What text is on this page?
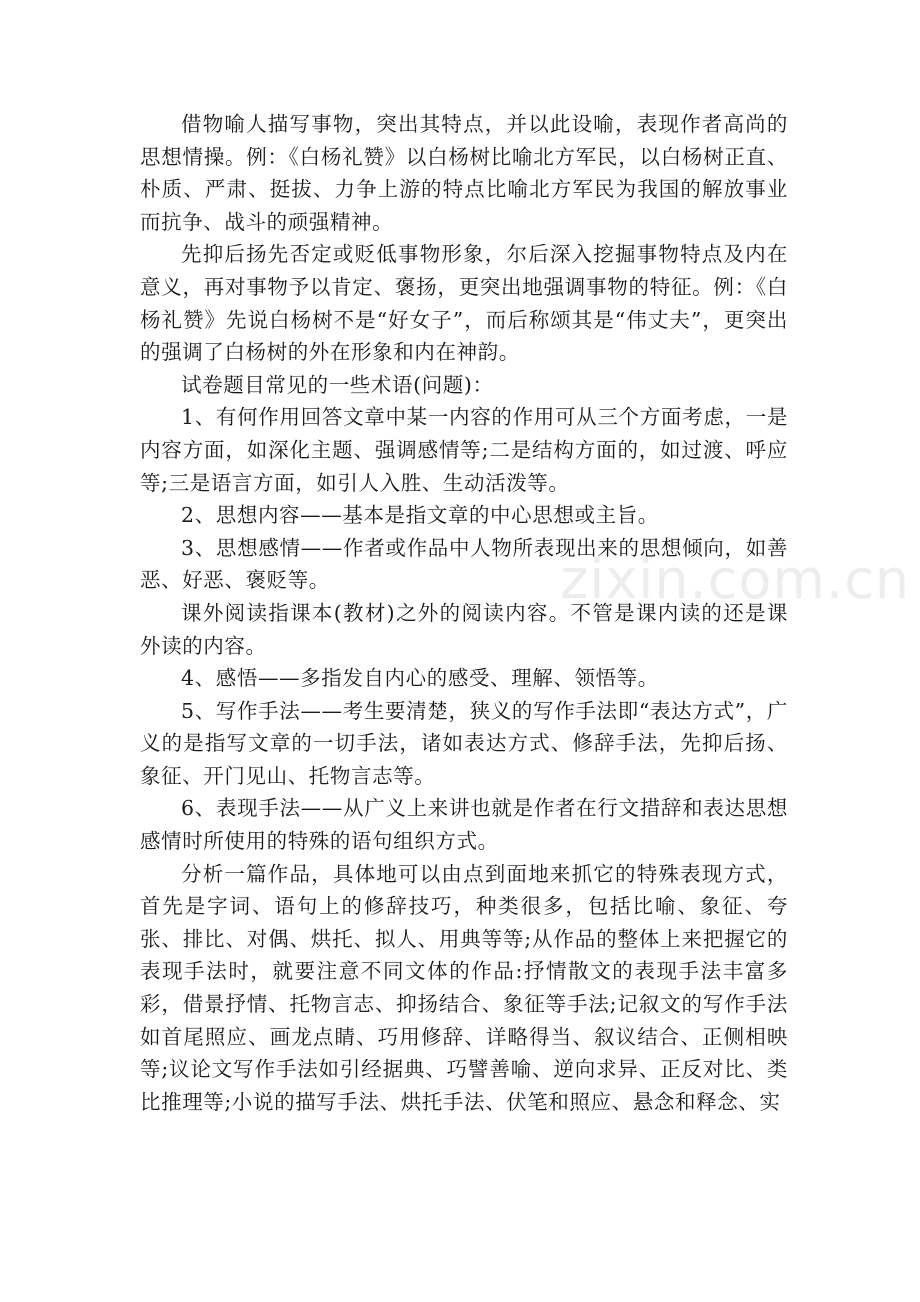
借物喻人描写事物，突出其特点，并以此设喻，表现作者高尚的思想情操。例：《白杨礼赞》以白杨树比喻北方军民，以白杨树正直、朴质、严肃、挺拔、力争上游的特点比喻北方军民为我国的解放事业而抗争、战斗的顽强精神。

先抑后扬先否定或贬低事物形象，尔后深入挖掘事物特点及内在意义，再对事物予以肯定、褒扬，更突出地强调事物的特征。例：《白杨礼赞》先说白杨树不是“好女子”，而后称颂其是“伟丈夫”，更突出的强调了白杨树的外在形象和内在神韵。

试卷题目常见的一些术语(问题)：

1、有何作用回答文章中某一内容的作用可从三个方面考虑，一是内容方面，如深化主题、强调感情等;二是结构方面的，如过渡、呼应等;三是语言方面，如引人入胜、生动活泼等。

2、思想内容——基本是指文章的中心思想或主旨。

3、思想感情——作者或作品中人物所表现出来的思想倾向，如善恶、好恶、褒贬等。

课外阅读指课本(教材)之外的阅读内容。不管是课内读的还是课外读的内容。

4、感悟——多指发自内心的感受、理解、领悟等。

5、写作手法——考生要清楚，狭义的写作手法即“表达方式”，广义的是指写文章的一切手法，诸如表达方式、修辞手法，先抑后扬、象征、开门见山、托物言志等。

6、表现手法——从广义上来讲也就是作者在行文措辞和表达思想感情时所使用的特殊的语句组织方式。

分析一篇作品，具体地可以由点到面地来抓它的特殊表现方式，首先是字词、语句上的修辞技巧，种类很多，包括比喻、象征、夸张、排比、对偶、烘托、拟人、用典等等;从作品的整体上来把握它的表现手法时，就要注意不同文体的作品:抒情散文的表现手法丰富多彩，借景抒情、托物言志、抑扬结合、象征等手法;记叙文的写作手法如首尾照应、画龙点睛、巧用修辞、详略得当、叙议结合、正侧相映等;议论文写作手法如引经据典、巧譬善喻、逆向求异、正反对比、类比推理等;小说的描写手法、烘托手法、伏笔和照应、悬念和释念、实

zixin.com.cn
